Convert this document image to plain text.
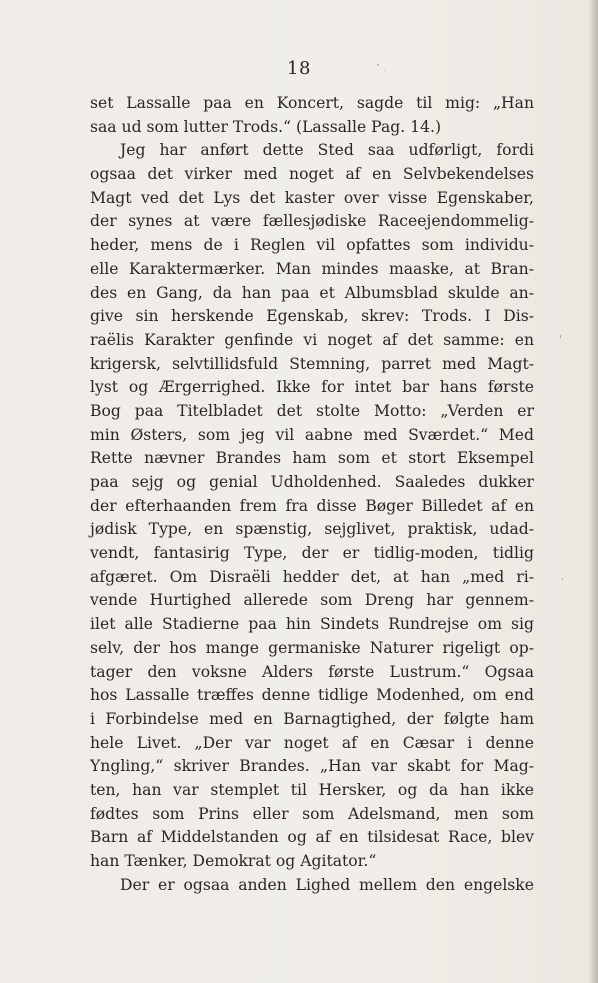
18
set Lassalle paa en Koncert, sagde til mig: „Han
saa ud som lutter Trods.“ (Lassalle Pag. 14.)
Jeg har anført dette Sted saa udførligt, fordi
ogsaa det virker med noget af en Selvbekendelses
Magt ved det Lys det kaster over visse Egenskaber,
der synes at være fællesjødiske Raceejendommelig-
heder, mens de i Reglen vil opfattes som individu-
elle Karaktermærker. Man mindes maaske, at Bran-
des en Gang, da han paa et Albumsblad skulde an-
give sin herskende Egenskab, skrev: Trods. I Dis-
raëlis Karakter genfinde vi noget af det samme: en
krigersk, selvtillidsfuld Stemning, parret med Magt-
lyst og Ærgerrighed. Ikke for intet bar hans første
Bog paa Titelbladet det stolte Motto: „Verden er
min Østers, som jeg vil aabne med Sværdet.“ Med
Rette nævner Brandes ham som et stort Eksempel
paa sejg og genial Udholdenhed. Saaledes dukker
der efterhaanden frem fra disse Bøger Billedet af en
jødisk Type, en spænstig, sejglivet, praktisk, udad-
vendt, fantasirig Type, der er tidlig-moden, tidlig
afgæret. Om Disraëli hedder det, at han „med ri-
vende Hurtighed allerede som Dreng har gennem-
ilet alle Stadierne paa hin Sindets Rundrejse om sig
selv, der hos mange germaniske Naturer rigeligt op-
tager den voksne Alders første Lustrum.“ Ogsaa
hos Lassalle træffes denne tidlige Modenhed, om end
i Forbindelse med en Barnagtighed, der følgte ham
hele Livet. „Der var noget af en Cæsar i denne
Yngling,“ skriver Brandes. „Han var skabt for Mag-
ten, han var stemplet til Hersker, og da han ikke
fødtes som Prins eller som Adelsmand, men som
Barn af Middelstanden og af en tilsidesat Race, blev
han Tænker, Demokrat og Agitator.“
Der er ogsaa anden Lighed mellem den engelske
